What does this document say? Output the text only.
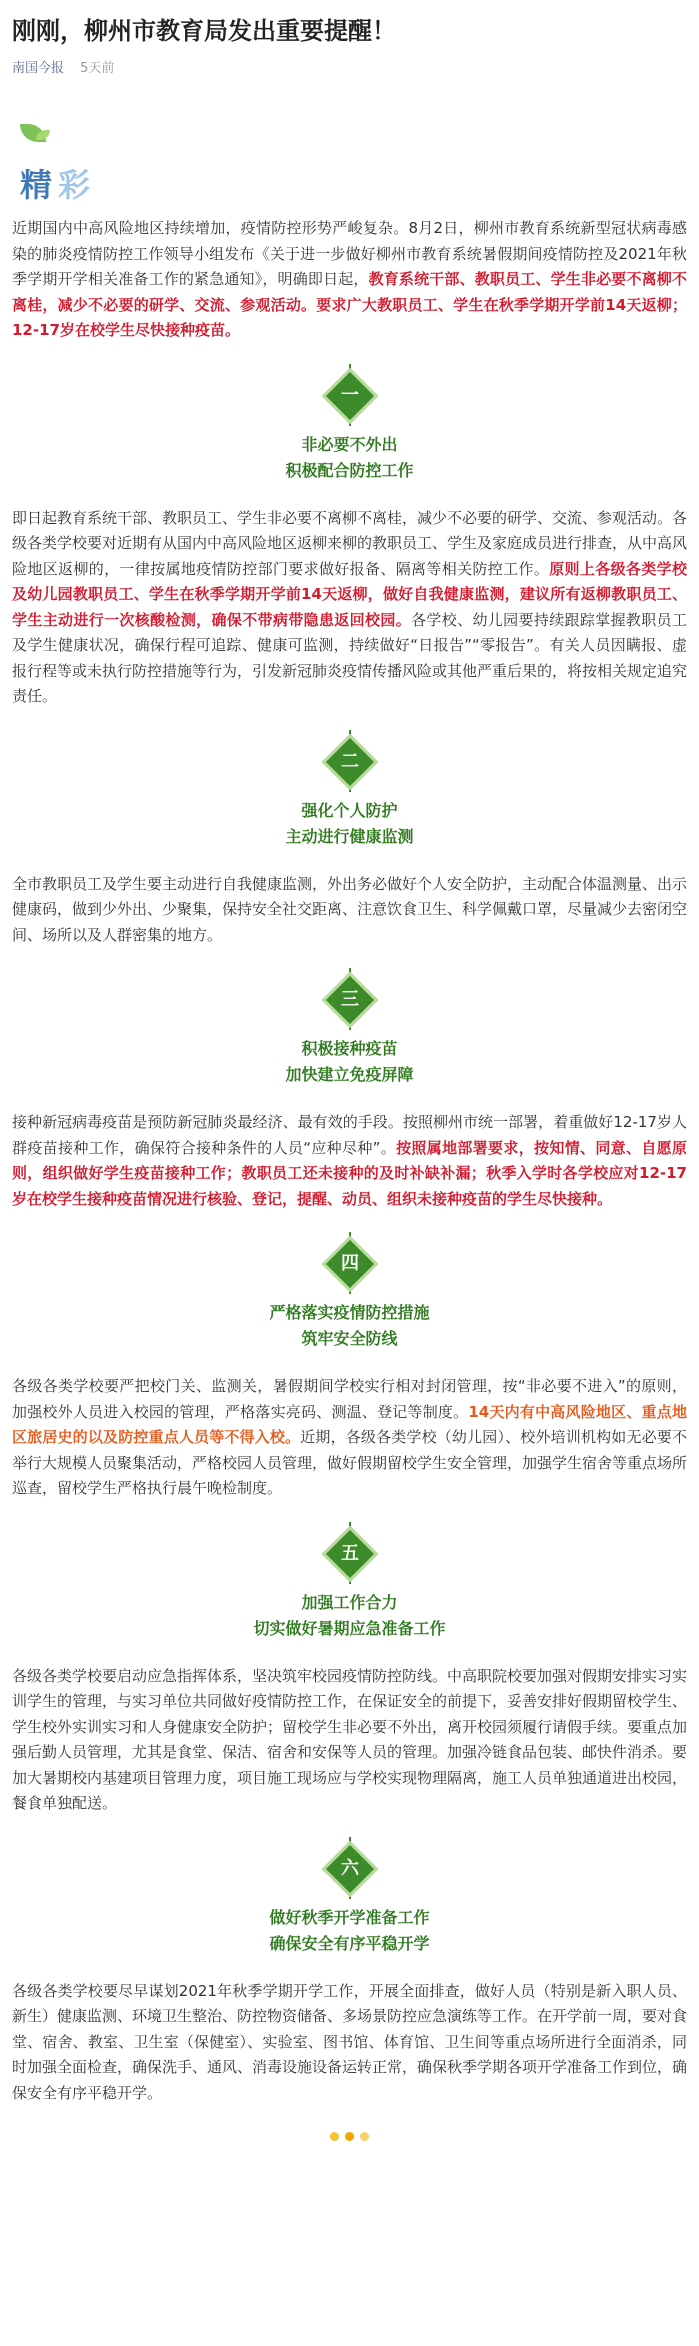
刚刚，柳州市教育局发出重要提醒！
南国今报 5天前
精彩

近期国内中高风险地区持续增加，疫情防控形势严峻复杂。8月2日，柳州市教育系统新型冠状病毒感染的肺炎疫情防控工作领导小组发布《关于进一步做好柳州市教育系统暑假期间疫情防控及2021年秋季学期开学相关准备工作的紧急通知》，明确即日起，教育系统干部、教职员工、学生非必要不离柳不离桂，减少不必要的研学、交流、参观活动。要求广大教职员工、学生在秋季学期开学前14天返柳；12-17岁在校学生尽快接种疫苗。

一
非必要不外出
积极配合防控工作

即日起教育系统干部、教职员工、学生非必要不离柳不离桂，减少不必要的研学、交流、参观活动。各级各类学校要对近期有从国内中高风险地区返柳来柳的教职员工、学生及家庭成员进行排查，从中高风险地区返柳的，一律按属地疫情防控部门要求做好报备、隔离等相关防控工作。原则上各级各类学校及幼儿园教职员工、学生在秋季学期开学前14天返柳，做好自我健康监测，建议所有返柳教职员工、学生主动进行一次核酸检测，确保不带病带隐患返回校园。各学校、幼儿园要持续跟踪掌握教职员工及学生健康状况，确保行程可追踪、健康可监测，持续做好“日报告”“零报告”。有关人员因瞒报、虚报行程等或未执行防控措施等行为，引发新冠肺炎疫情传播风险或其他严重后果的，将按相关规定追究责任。

二
强化个人防护
主动进行健康监测

全市教职员工及学生要主动进行自我健康监测，外出务必做好个人安全防护，主动配合体温测量、出示健康码，做到少外出、少聚集，保持安全社交距离、注意饮食卫生、科学佩戴口罩，尽量减少去密闭空间、场所以及人群密集的地方。

三
积极接种疫苗
加快建立免疫屏障

接种新冠病毒疫苗是预防新冠肺炎最经济、最有效的手段。按照柳州市统一部署，着重做好12-17岁人群疫苗接种工作，确保符合接种条件的人员“应种尽种”。按照属地部署要求，按知情、同意、自愿原则，组织做好学生疫苗接种工作；教职员工还未接种的及时补缺补漏；秋季入学时各学校应对12-17岁在校学生接种疫苗情况进行核验、登记，提醒、动员、组织未接种疫苗的学生尽快接种。

四
严格落实疫情防控措施
筑牢安全防线

各级各类学校要严把校门关、监测关，暑假期间学校实行相对封闭管理，按“非必要不进入”的原则，加强校外人员进入校园的管理，严格落实亮码、测温、登记等制度。14天内有中高风险地区、重点地区旅居史的以及防控重点人员等不得入校。近期，各级各类学校（幼儿园）、校外培训机构如无必要不举行大规模人员聚集活动，严格校园人员管理，做好假期留校学生安全管理，加强学生宿舍等重点场所巡查，留校学生严格执行晨午晚检制度。

五
加强工作合力
切实做好暑期应急准备工作

各级各类学校要启动应急指挥体系，坚决筑牢校园疫情防控防线。中高职院校要加强对假期安排实习实训学生的管理，与实习单位共同做好疫情防控工作，在保证安全的前提下，妥善安排好假期留校学生、学生校外实训实习和人身健康安全防护；留校学生非必要不外出，离开校园须履行请假手续。要重点加强后勤人员管理，尤其是食堂、保洁、宿舍和安保等人员的管理。加强冷链食品包装、邮快件消杀。要加大暑期校内基建项目管理力度，项目施工现场应与学校实现物理隔离，施工人员单独通道进出校园，餐食单独配送。

六
做好秋季开学准备工作
确保安全有序平稳开学

各级各类学校要尽早谋划2021年秋季学期开学工作，开展全面排查，做好人员（特别是新入职人员、新生）健康监测、环境卫生整治、防控物资储备、多场景防控应急演练等工作。在开学前一周，要对食堂、宿舍、教室、卫生室（保健室）、实验室、图书馆、体育馆、卫生间等重点场所进行全面消杀，同时加强全面检查，确保洗手、通风、消毒设施设备运转正常，确保秋季学期各项开学准备工作到位，确保安全有序平稳开学。
